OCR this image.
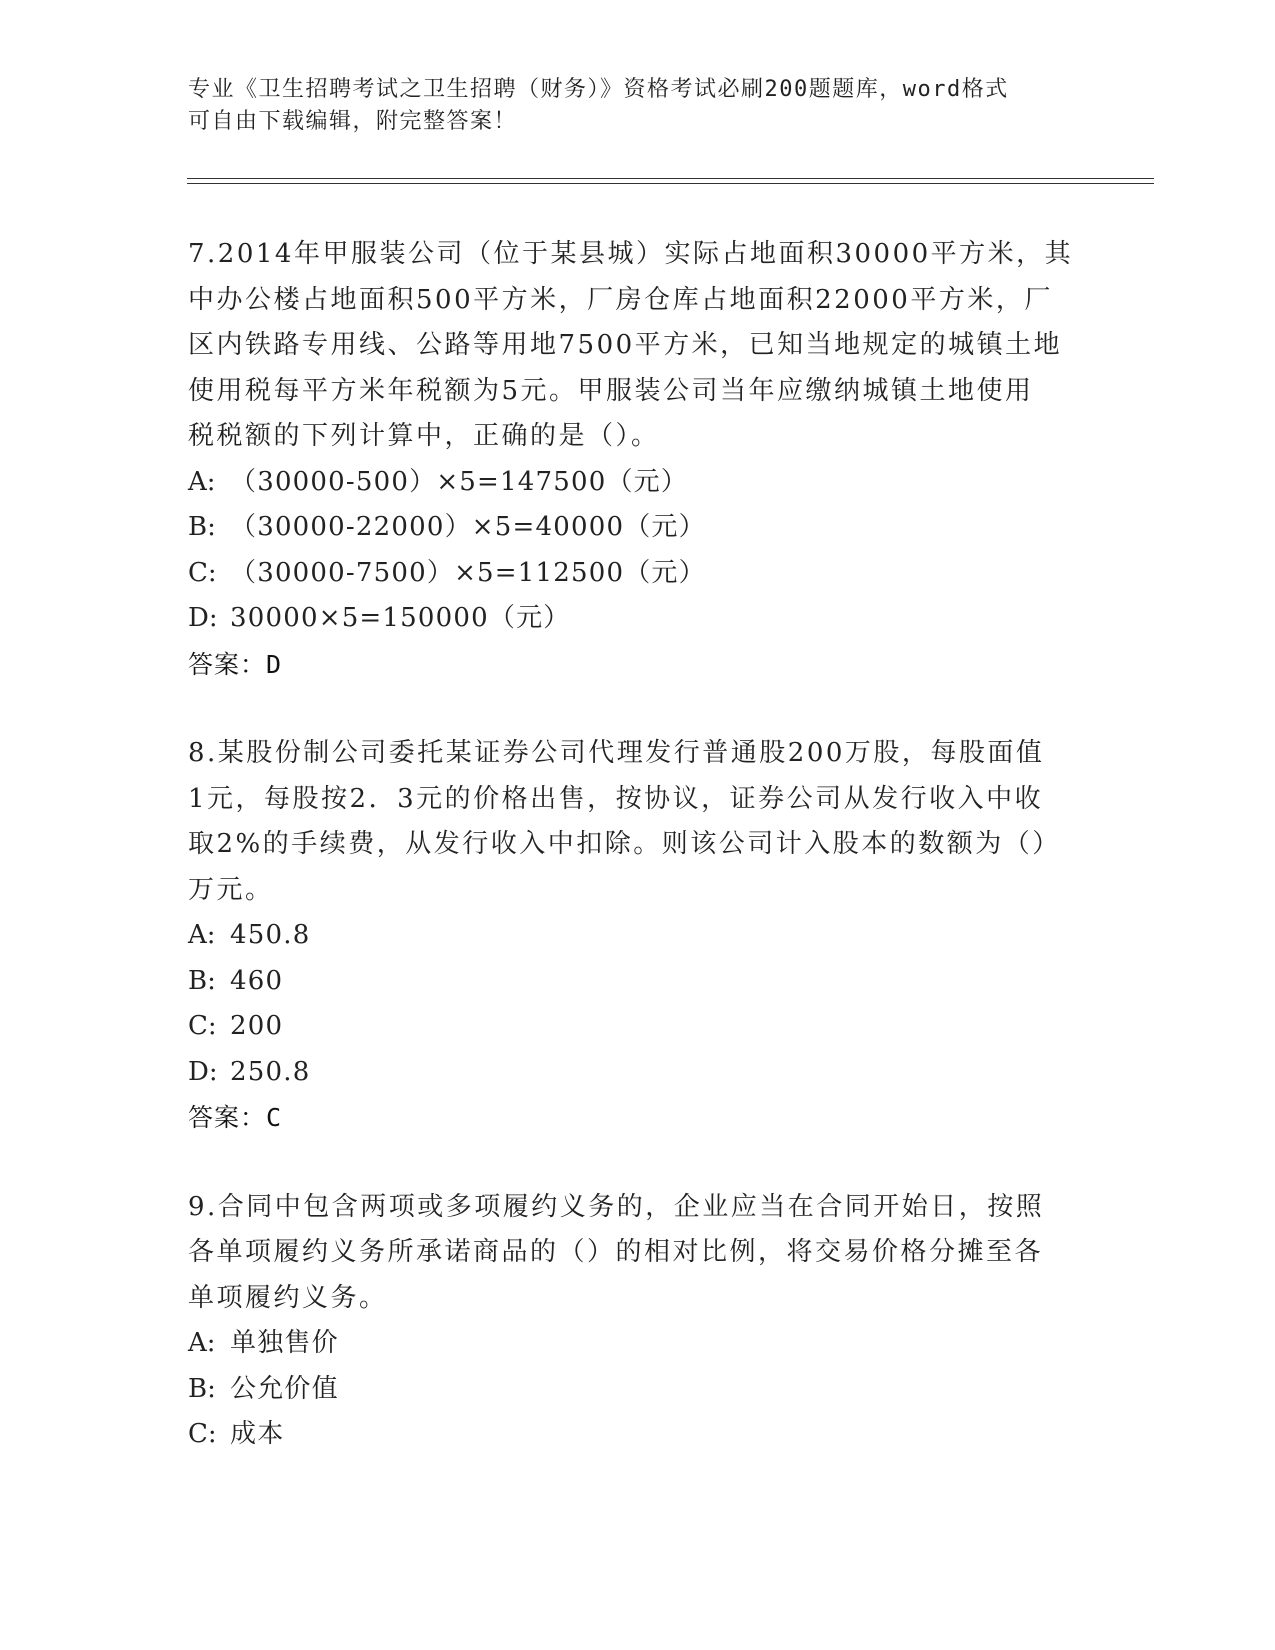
专业《卫生招聘考试之卫生招聘（财务）》资格考试必刷200题题库，word格式
可自由下载编辑，附完整答案！
7.2014年甲服装公司（位于某县城）实际占地面积30000平方米，其
中办公楼占地面积500平方米，厂房仓库占地面积22000平方米，厂
区内铁路专用线、公路等用地7500平方米，已知当地规定的城镇土地
使用税每平方米年税额为5元。甲服装公司当年应缴纳城镇土地使用
税税额的下列计算中，正确的是（）。
A: （30000-500）×5=147500（元）
B: （30000-22000）×5=40000（元）
C: （30000-7500）×5=112500（元）
D: 30000×5=150000（元）
答案：D
8.某股份制公司委托某证券公司代理发行普通股200万股，每股面值
1元，每股按2．3元的价格出售，按协议，证券公司从发行收入中收
取2%的手续费，从发行收入中扣除。则该公司计入股本的数额为（）
万元。
A: 450.8
B: 460
C: 200
D: 250.8
答案：C
9.合同中包含两项或多项履约义务的，企业应当在合同开始日，按照
各单项履约义务所承诺商品的（）的相对比例，将交易价格分摊至各
单项履约义务。
A: 单独售价
B: 公允价值
C: 成本
